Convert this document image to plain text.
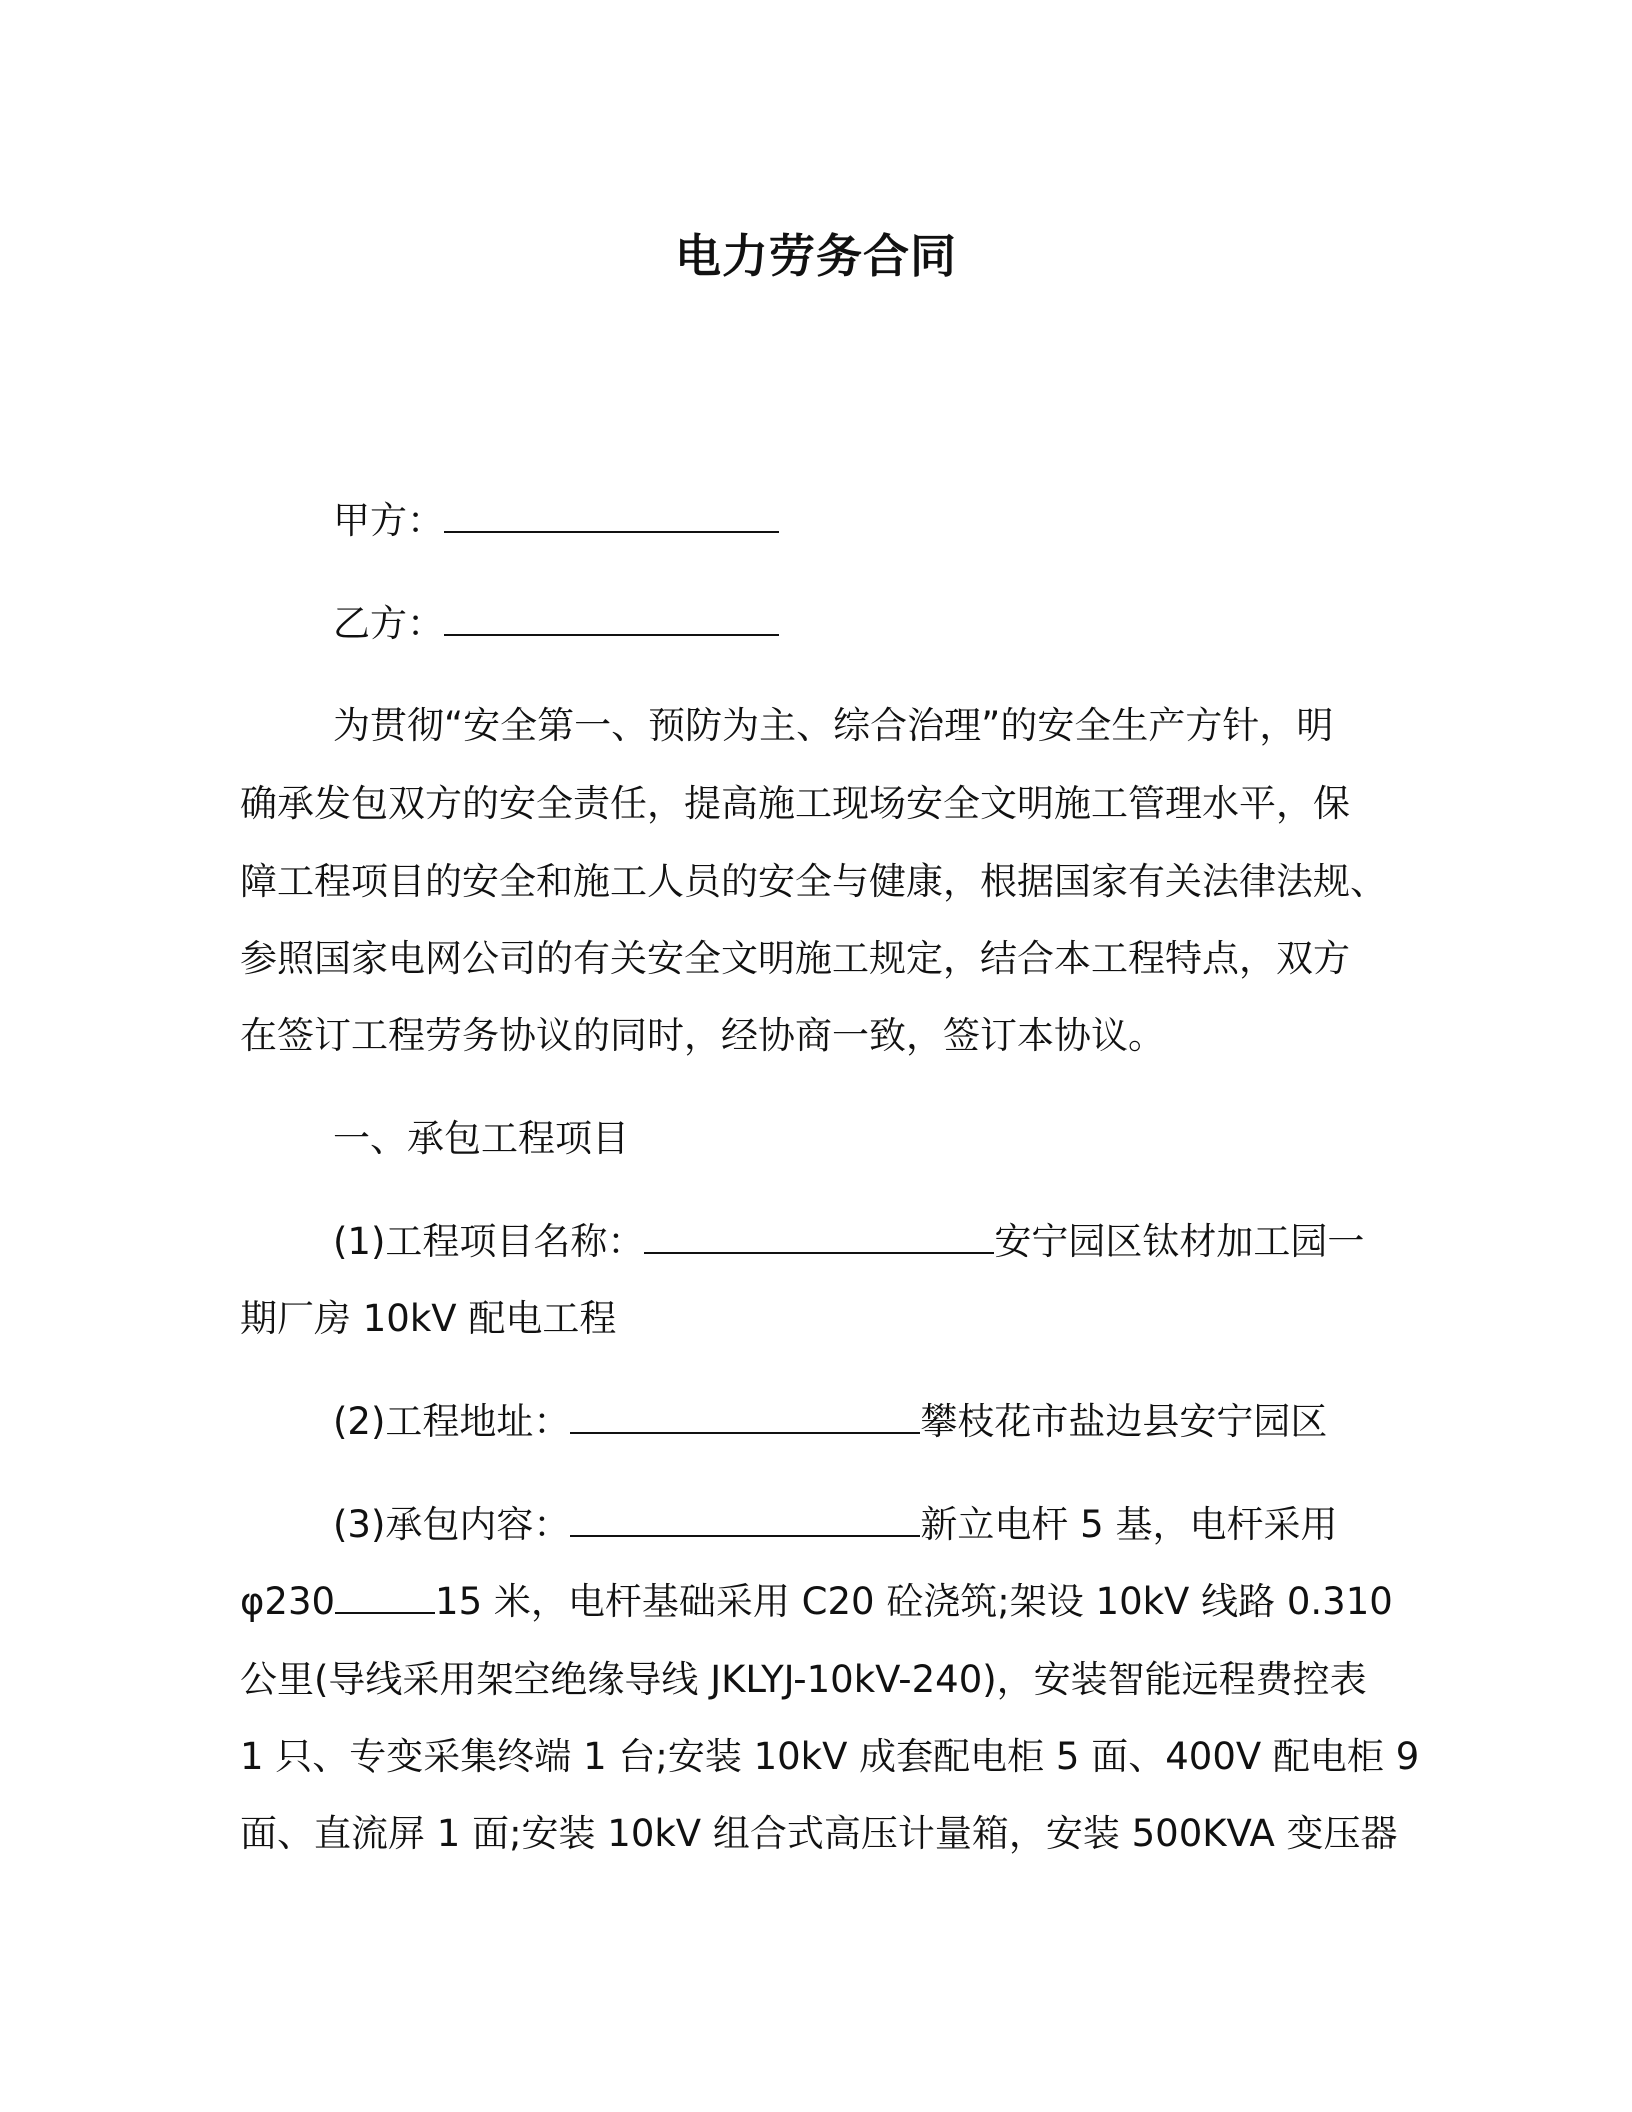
电力劳务合同

甲方：

乙方：

为贯彻“安全第一、预防为主、综合治理”的安全生产方针，明

确承发包双方的安全责任，提高施工现场安全文明施工管理水平，保

障工程项目的安全和施工人员的安全与健康，根据国家有关法律法规、

参照国家电网公司的有关安全文明施工规定，结合本工程特点，双方

在签订工程劳务协议的同时，经协商一致，签订本协议。

一、承包工程项目

(1)工程项目名称：	安宁园区钛材加工园一

期厂房 10kV 配电工程

(2)工程地址：	攀枝花市盐边县安宁园区

(3)承包内容：	新立电杆 5 基，电杆采用

φ230	15 米，电杆基础采用 C20 砼浇筑;架设 10kV 线路 0.310

公里(导线采用架空绝缘导线 JKLYJ-10kV-240)，安装智能远程费控表

1 只、专变采集终端 1 台;安装 10kV 成套配电柜 5 面、400V 配电柜 9

面、直流屏 1 面;安装 10kV 组合式高压计量箱，安装 500KVA 变压器
